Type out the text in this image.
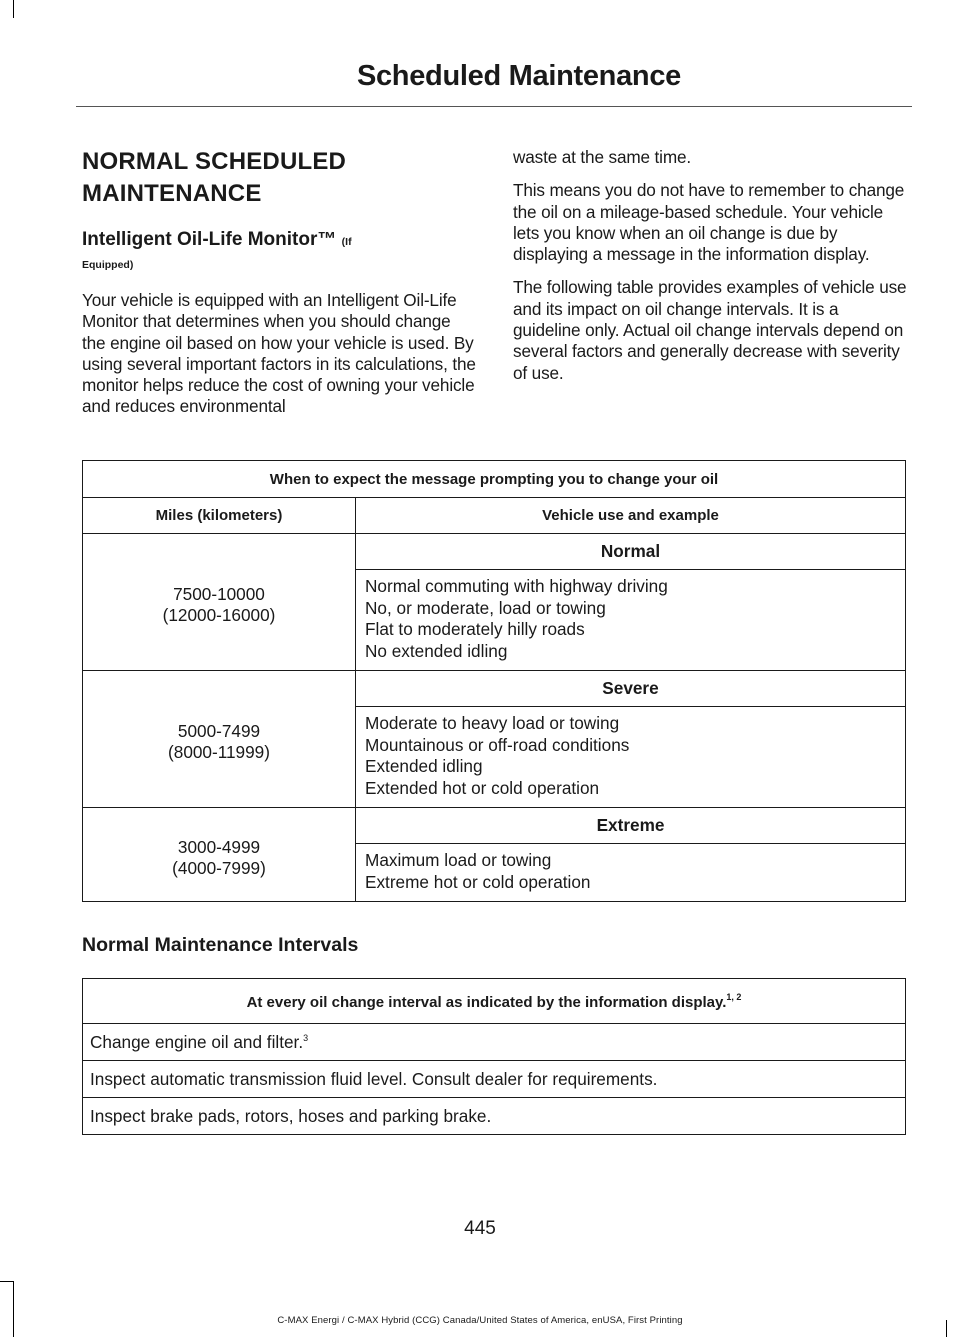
Scheduled Maintenance
NORMAL SCHEDULED
MAINTENANCE
Intelligent Oil-Life Monitor™ (If
Equipped)

Your vehicle is equipped with an Intelligent Oil-Life Monitor that determines when you should change the engine oil based on how your vehicle is used. By using several important factors in its calculations, the monitor helps reduce the cost of owning your vehicle and reduces environmental

waste at the same time.

This means you do not have to remember to change the oil on a mileage-based schedule. Your vehicle lets you know when an oil change is due by displaying a message in the information display.

The following table provides examples of vehicle use and its impact on oil change intervals. It is a guideline only. Actual oil change intervals depend on several factors and generally decrease with severity of use.

When to expect the message prompting you to change your oil	
Miles (kilometers)	Vehicle use and example

7500-10000
(12000-16000)	Normal

	Normal commuting with highway driving
No, or moderate, load or towing
Flat to moderately hilly roads
No extended idling

5000-7499
(8000-11999)	Severe

	Moderate to heavy load or towing
Mountainous or off-road conditions
Extended idling
Extended hot or cold operation

3000-4999
(4000-7999)	Extreme

	Maximum load or towing
Extreme hot or cold operation
Normal Maintenance Intervals
At every oil change interval as indicated by the information display.$^{1, 2}$
Change engine oil and filter.$^3$
Inspect automatic transmission fluid level. Consult dealer for requirements.
Inspect brake pads, rotors, hoses and parking brake.
445
C-MAX Energi / C-MAX Hybrid (CCG) Canada/United States of America, enUSA, First Printing
